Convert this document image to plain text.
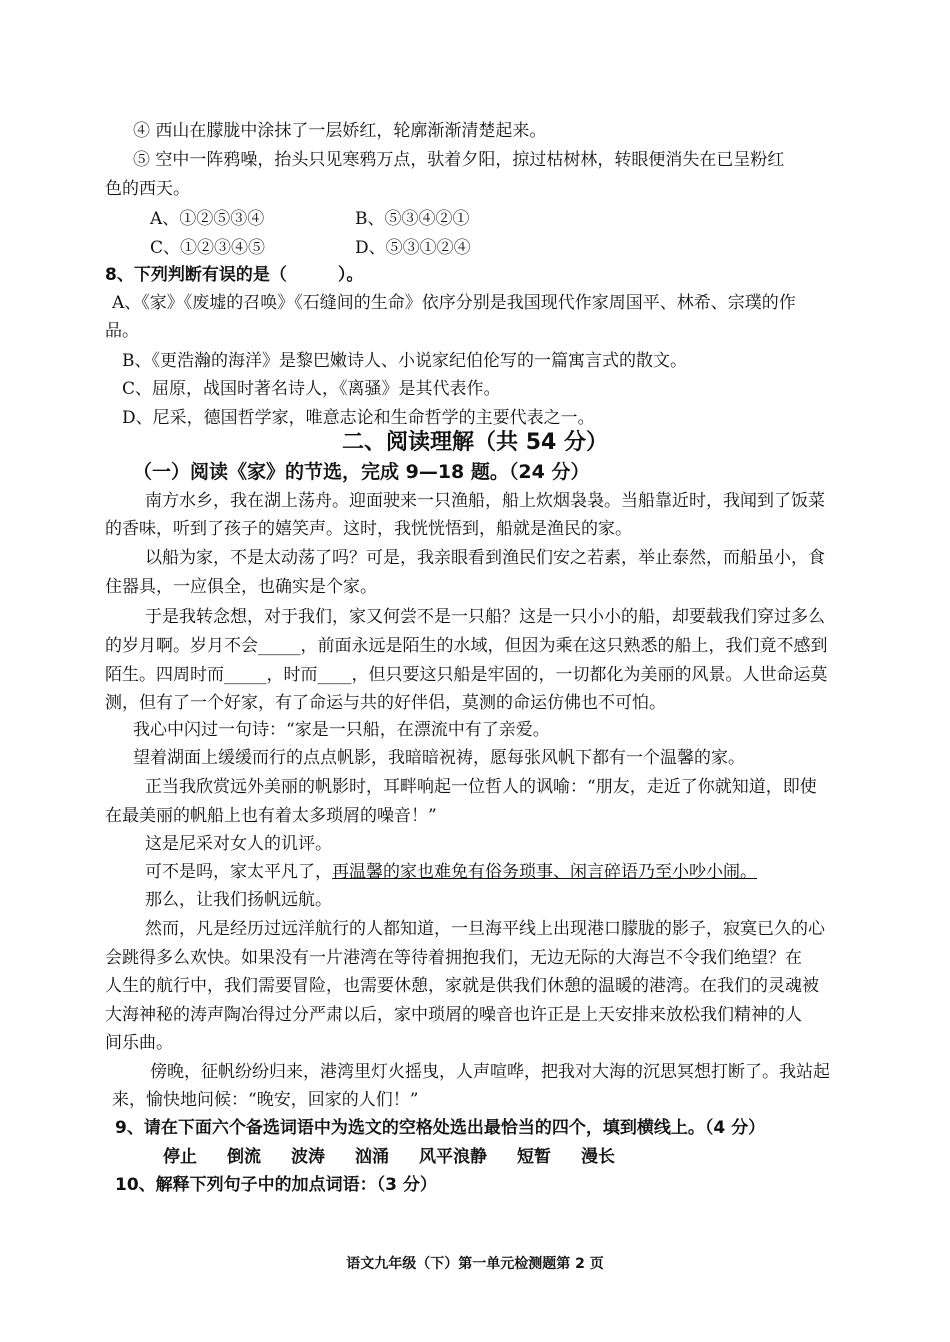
④ 西山在朦胧中涂抹了一层娇红，轮廓渐渐清楚起来。
⑤ 空中一阵鸦噪，抬头只见寒鸦万点，驮着夕阳，掠过枯树林，转眼便消失在已呈粉红
色的西天。
A、①②⑤③④	B、⑤③④②①
C、①②③④⑤	D、⑤③①②④
8、下列判断有误的是（　　　）。
A、《家》《废墟的召唤》《石缝间的生命》依序分别是我国现代作家周国平、林希、宗璞的作
品。
B、《更浩瀚的海洋》是黎巴嫩诗人、小说家纪伯伦写的一篇寓言式的散文。
C、屈原，战国时著名诗人，《离骚》是其代表作。
D、尼采，德国哲学家，唯意志论和生命哲学的主要代表之一。
二、阅读理解（共 54 分）
（一）阅读《家》的节选，完成 9—18 题。（24 分）
南方水乡，我在湖上荡舟。迎面驶来一只渔船，船上炊烟袅袅。当船靠近时，我闻到了饭菜
的香味，听到了孩子的嬉笑声。这时，我恍恍悟到，船就是渔民的家。
以船为家，不是太动荡了吗？可是，我亲眼看到渔民们安之若素，举止泰然，而船虽小，食
住器具，一应俱全，也确实是个家。
于是我转念想，对于我们，家又何尝不是一只船？这是一只小小的船，却要载我们穿过多么
的岁月啊。岁月不会_____，前面永远是陌生的水域，但因为乘在这只熟悉的船上，我们竟不感到
陌生。四周时而_____，时而____，但只要这只船是牢固的，一切都化为美丽的风景。人世命运莫
测，但有了一个好家，有了命运与共的好伴侣，莫测的命运仿佛也不可怕。
我心中闪过一句诗：“家是一只船，在漂流中有了亲爱。
望着湖面上缓缓而行的点点帆影，我暗暗祝祷，愿每张风帆下都有一个温馨的家。
正当我欣赏远外美丽的帆影时，耳畔响起一位哲人的讽喻：“朋友，走近了你就知道，即使
在最美丽的帆船上也有着太多琐屑的噪音！”
这是尼采对女人的讥评。
可不是吗，家太平凡了，再温馨的家也难免有俗务琐事、闲言碎语乃至小吵小闹。
那么，让我们扬帆远航。
然而，凡是经历过远洋航行的人都知道，一旦海平线上出现港口朦胧的影子，寂寞已久的心
会跳得多么欢快。如果没有一片港湾在等待着拥抱我们，无边无际的大海岂不令我们绝望？在
人生的航行中，我们需要冒险，也需要休憩，家就是供我们休憩的温暖的港湾。在我们的灵魂被
大海神秘的涛声陶冶得过分严肃以后，家中琐屑的噪音也许正是上天安排来放松我们精神的人
间乐曲。
傍晚，征帆纷纷归来，港湾里灯火摇曳，人声喧哗，把我对大海的沉思冥想打断了。我站起
来，愉快地问候：“晚安，回家的人们！”
9、请在下面六个备选词语中为选文的空格处选出最恰当的四个，填到横线上。（4 分）
停止 倒流 波涛 汹涌 风平浪静 短暂 漫长
10、解释下列句子中的加点词语：（3 分）
语文九年级（下）第一单元检测题第 2 页
